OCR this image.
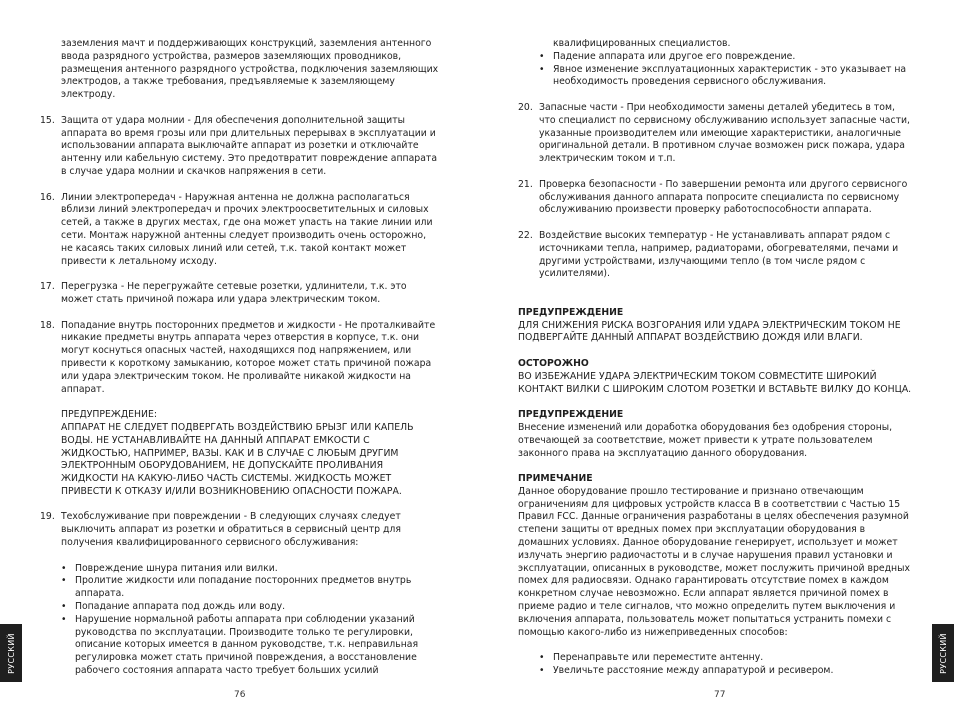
заземления мачт и поддерживающих конструкций, заземления антенного ввода разрядного устройства, размеров заземляющих проводников, размещения антенного разрядного устройства, подключения заземляющих электродов, а также требования, предъявляемые к заземляющему электроду.
15. Защита от удара молнии - Для обеспечения дополнительной защиты аппарата во время грозы или при длительных перерывах в эксплуатации и использовании аппарата выключайте аппарат из розетки и отключайте антенну или кабельную систему. Это предотвратит повреждение аппарата в случае удара молнии и скачков напряжения в сети.
16. Линии электропередач - Наружная антенна не должна располагаться вблизи линий электропередач и прочих электроосветительных и силовых сетей, а также в других местах, где она может упасть на такие линии или сети. Монтаж наружной антенны следует производить очень осторожно, не касаясь таких силовых линий или сетей, т.к. такой контакт может привести к летальному исходу.
17. Перегрузка - Не перегружайте сетевые розетки, удлинители, т.к. это может стать причиной пожара или удара электрическим током.
18. Попадание внутрь посторонних предметов и жидкости - Не проталкивайте никакие предметы внутрь аппарата через отверстия в корпусе, т.к. они могут коснуться опасных частей, находящихся под напряжением, или привести к короткому замыканию, которое может стать причиной пожара или удара электрическим током. Не проливайте никакой жидкости на аппарат.
ПРЕДУПРЕЖДЕНИЕ:
АППАРАТ НЕ СЛЕДУЕТ ПОДВЕРГАТЬ ВОЗДЕЙСТВИЮ БРЫЗГ ИЛИ КАПЕЛЬ ВОДЫ. НЕ УСТАНАВЛИВАЙТЕ НА ДАННЫЙ АППАРАТ ЕМКОСТИ С ЖИДКОСТЬЮ, НАПРИМЕР, ВАЗЫ. КАК И В СЛУЧАЕ С ЛЮБЫМ ДРУГИМ ЭЛЕКТРОННЫМ ОБОРУДОВАНИЕМ, НЕ ДОПУСКАЙТЕ ПРОЛИВАНИЯ ЖИДКОСТИ НА КАКУЮ-ЛИБО ЧАСТЬ СИСТЕМЫ. ЖИДКОСТЬ МОЖЕТ ПРИВЕСТИ К ОТКАЗУ И/ИЛИ ВОЗНИКНОВЕНИЮ ОПАСНОСТИ ПОЖАРА.
19. Техобслуживание при повреждении - В следующих случаях следует выключить аппарат из розетки и обратиться в сервисный центр для получения квалифицированного сервисного обслуживания:
• Повреждение шнура питания или вилки.
• Пролитие жидкости или попадание посторонних предметов внутрь аппарата.
• Попадание аппарата под дождь или воду.
• Нарушение нормальной работы аппарата при соблюдении указаний руководства по эксплуатации. Производите только те регулировки, описание которых имеется в данном руководстве, т.к. неправильная регулировка может стать причиной повреждения, а восстановление рабочего состояния аппарата часто требует больших усилий
76
РУССКИЙ
квалифицированных специалистов.
• Падение аппарата или другое его повреждение.
• Явное изменение эксплуатационных характеристик - это указывает на необходимость проведения сервисного обслуживания.
20. Запасные части - При необходимости замены деталей убедитесь в том, что специалист по сервисному обслуживанию использует запасные части, указанные производителем или имеющие характеристики, аналогичные оригинальной детали. В противном случае возможен риск пожара, удара электрическим током и т.п.
21. Проверка безопасности - По завершении ремонта или другого сервисного обслуживания данного аппарата попросите специалиста по сервисному обслуживанию произвести проверку работоспособности аппарата.
22. Воздействие высоких температур - Не устанавливать аппарат рядом с источниками тепла, например, радиаторами, обогревателями, печами и другими устройствами, излучающими тепло (в том числе рядом с усилителями).
ПРЕДУПРЕЖДЕНИЕ
ДЛЯ СНИЖЕНИЯ РИСКА ВОЗГОРАНИЯ ИЛИ УДАРА ЭЛЕКТРИЧЕСКИМ ТОКОМ НЕ ПОДВЕРГАЙТЕ ДАННЫЙ АППАРАТ ВОЗДЕЙСТВИЮ ДОЖДЯ ИЛИ ВЛАГИ.
ОСТОРОЖНО
ВО ИЗБЕЖАНИЕ УДАРА ЭЛЕКТРИЧЕСКИМ ТОКОМ СОВМЕСТИТЕ ШИРОКИЙ КОНТАКТ ВИЛКИ С ШИРОКИМ СЛОТОМ РОЗЕТКИ И ВСТАВЬТЕ ВИЛКУ ДО КОНЦА.
ПРЕДУПРЕЖДЕНИЕ
Внесение изменений или доработка оборудования без одобрения стороны, отвечающей за соответствие, может привести к утрате пользователем законного права на эксплуатацию данного оборудования.
ПРИМЕЧАНИЕ
Данное оборудование прошло тестирование и признано отвечающим ограничениям для цифровых устройств класса В в соответствии с Частью 15 Правил FCC. Данные ограничения разработаны в целях обеспечения разумной степени защиты от вредных помех при эксплуатации оборудования в домашних условиях. Данное оборудование генерирует, использует и может излучать энергию радиочастоты и в случае нарушения правил установки и эксплуатации, описанных в руководстве, может послужить причиной вредных помех для радиосвязи. Однако гарантировать отсутствие помех в каждом конкретном случае невозможно. Если аппарат является причиной помех в приеме радио и теле сигналов, что можно определить путем выключения и включения аппарата, пользователь может попытаться устранить помехи с помощью какого-либо из нижеприведенных способов:
• Перенаправьте или переместите антенну.
• Увеличьте расстояние между аппаратурой и ресивером.
77
РУССКИЙ
